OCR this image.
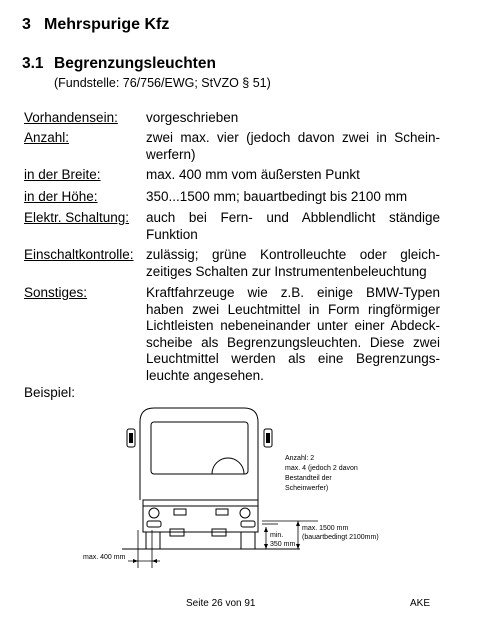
3 Mehrspurige Kfz
3.1 Begrenzungsleuchten
(Fundstelle: 76/756/EWG; StVZO § 51)
Vorhandensein: vorgeschrieben
Anzahl:	zwei max. vier (jedoch davon zwei in Schein-werfern)
in der Breite:	max. 400 mm vom äußersten Punkt
in der Höhe:	350...1500 mm; bauartbedingt bis 2100 mm
Elektr. Schaltung: auch bei Fern- und Abblendlicht ständige Funktion
Einschaltkontrolle: zulässig; grüne Kontrolleuchte oder gleich-zeitiges Schalten zur Instrumentenbeleuchtung
Sonstiges:	Kraftfahrzeuge wie z.B. einige BMW-Typen haben zwei Leuchtmittel in Form ringförmiger Lichtleisten nebeneinander unter einer Abdeck-scheibe als Begrenzungsleuchten. Diese zwei Leuchtmittel werden als eine Begrenzungs-leuchte angesehen.
Beispiel:
Anzahl: 2
max. 4 (jedoch 2 davon
Bestandteil der
Scheinwerfer)
max. 1500 mm
(bauartbedingt 2100mm)
min.
350 mm
max. 400 mm
Seite 26 von 91	AKE
